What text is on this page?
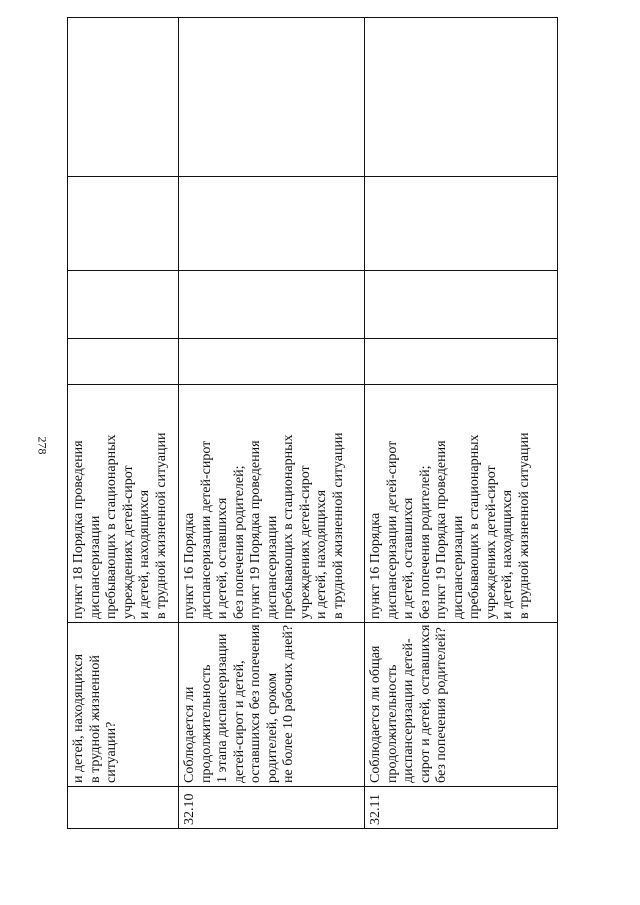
278
и детей, находящихся
в трудной жизненной
ситуации?
пункт 18 Порядка проведения
диспансеризации
пребывающих в стационарных
учреждениях детей-сирот
и детей, находящихся
в трудной жизненной ситуации
32.10
Соблюдается ли
продолжительность
1 этапа диспансеризации
детей-сирот и детей,
оставшихся без попечения
родителей, сроком
не более 10 рабочих дней?
пункт 16 Порядка
диспансеризации детей-сирот
и детей, оставшихся
без попечения родителей;
пункт 19 Порядка проведения
диспансеризации
пребывающих в стационарных
учреждениях детей-сирот
и детей, находящихся
в трудной жизненной ситуации
32.11
Соблюдается ли общая
продолжительность
диспансеризации детей-
сирот и детей, оставшихся
без попечения родителей?
пункт 16 Порядка
диспансеризации детей-сирот
и детей, оставшихся
без попечения родителей;
пункт 19 Порядка проведения
диспансеризации
пребывающих в стационарных
учреждениях детей-сирот
и детей, находящихся
в трудной жизненной ситуации
